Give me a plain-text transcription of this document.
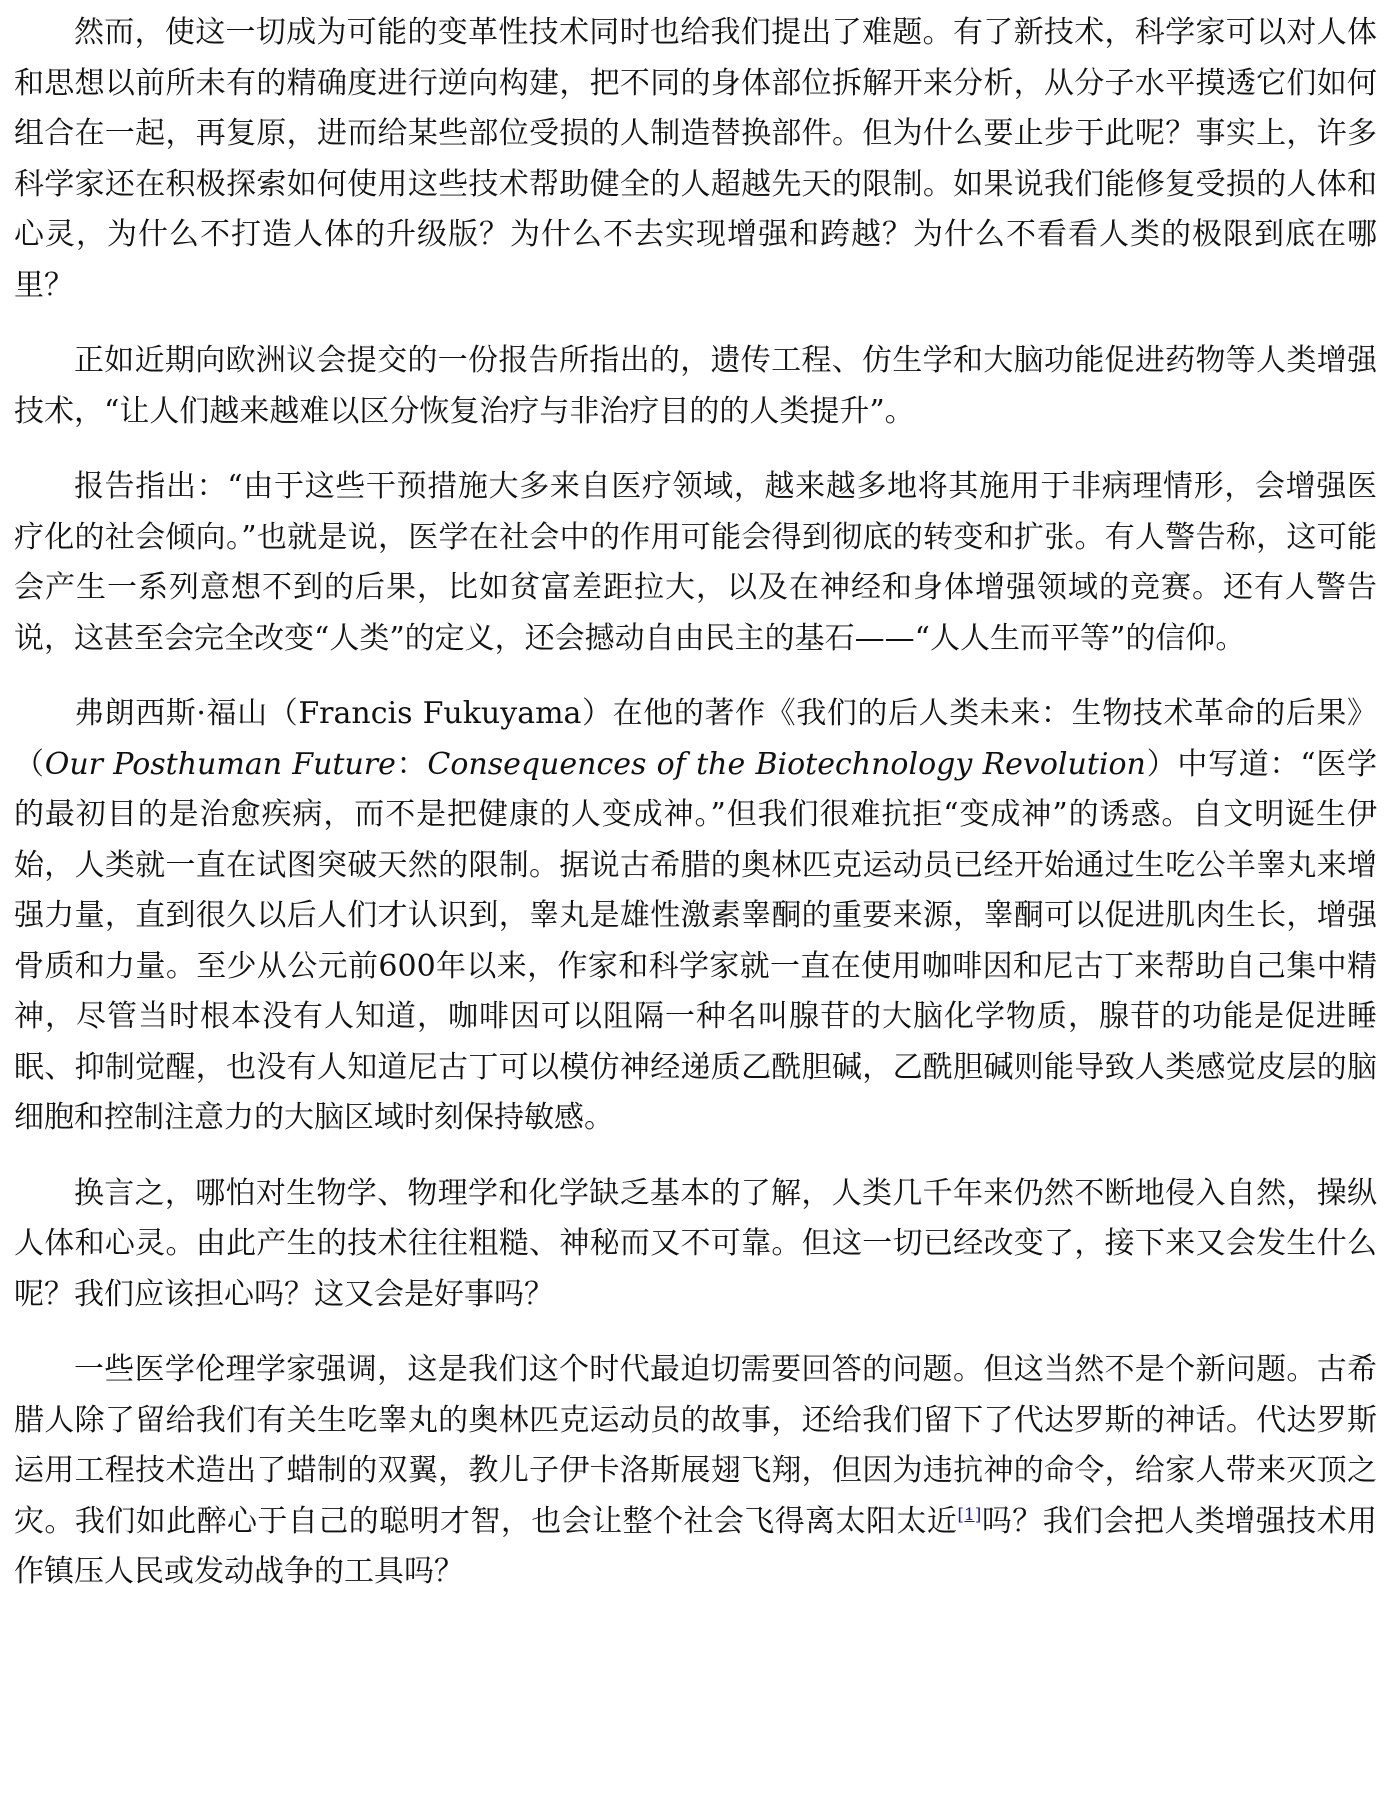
然而，使这一切成为可能的变革性技术同时也给我们提出了难题。有了新技术，科学家可以对人体和思想以前所未有的精确度进行逆向构建，把不同的身体部位拆解开来分析，从分子水平摸透它们如何组合在一起，再复原，进而给某些部位受损的人制造替换部件。但为什么要止步于此呢？事实上，许多科学家还在积极探索如何使用这些技术帮助健全的人超越先天的限制。如果说我们能修复受损的人体和心灵，为什么不打造人体的升级版？为什么不去实现增强和跨越？为什么不看看人类的极限到底在哪里？

正如近期向欧洲议会提交的一份报告所指出的，遗传工程、仿生学和大脑功能促进药物等人类增强技术，“让人们越来越难以区分恢复治疗与非治疗目的的人类提升”。

报告指出：“由于这些干预措施大多来自医疗领域，越来越多地将其施用于非病理情形，会增强医疗化的社会倾向。”也就是说，医学在社会中的作用可能会得到彻底的转变和扩张。有人警告称，这可能会产生一系列意想不到的后果，比如贫富差距拉大，以及在神经和身体增强领域的竞赛。还有人警告说，这甚至会完全改变“人类”的定义，还会撼动自由民主的基石——“人人生而平等”的信仰。

弗朗西斯·福山（Francis Fukuyama）在他的著作《我们的后人类未来：生物技术革命的后果》（Our Posthuman Future：Consequences of the Biotechnology Revolution）中写道：“医学的最初目的是治愈疾病，而不是把健康的人变成神。”但我们很难抗拒“变成神”的诱惑。自文明诞生伊始，人类就一直在试图突破天然的限制。据说古希腊的奥林匹克运动员已经开始通过生吃公羊睾丸来增强力量，直到很久以后人们才认识到，睾丸是雄性激素睾酮的重要来源，睾酮可以促进肌肉生长，增强骨质和力量。至少从公元前600年以来，作家和科学家就一直在使用咖啡因和尼古丁来帮助自己集中精神，尽管当时根本没有人知道，咖啡因可以阻隔一种名叫腺苷的大脑化学物质，腺苷的功能是促进睡眠、抑制觉醒，也没有人知道尼古丁可以模仿神经递质乙酰胆碱，乙酰胆碱则能导致人类感觉皮层的脑细胞和控制注意力的大脑区域时刻保持敏感。

换言之，哪怕对生物学、物理学和化学缺乏基本的了解，人类几千年来仍然不断地侵入自然，操纵人体和心灵。由此产生的技术往往粗糙、神秘而又不可靠。但这一切已经改变了，接下来又会发生什么呢？我们应该担心吗？这又会是好事吗？

一些医学伦理学家强调，这是我们这个时代最迫切需要回答的问题。但这当然不是个新问题。古希腊人除了留给我们有关生吃睾丸的奥林匹克运动员的故事，还给我们留下了代达罗斯的神话。代达罗斯运用工程技术造出了蜡制的双翼，教儿子伊卡洛斯展翅飞翔，但因为违抗神的命令，给家人带来灭顶之灾。我们如此醉心于自己的聪明才智，也会让整个社会飞得离太阳太近[1]吗？我们会把人类增强技术用作镇压人民或发动战争的工具吗？
